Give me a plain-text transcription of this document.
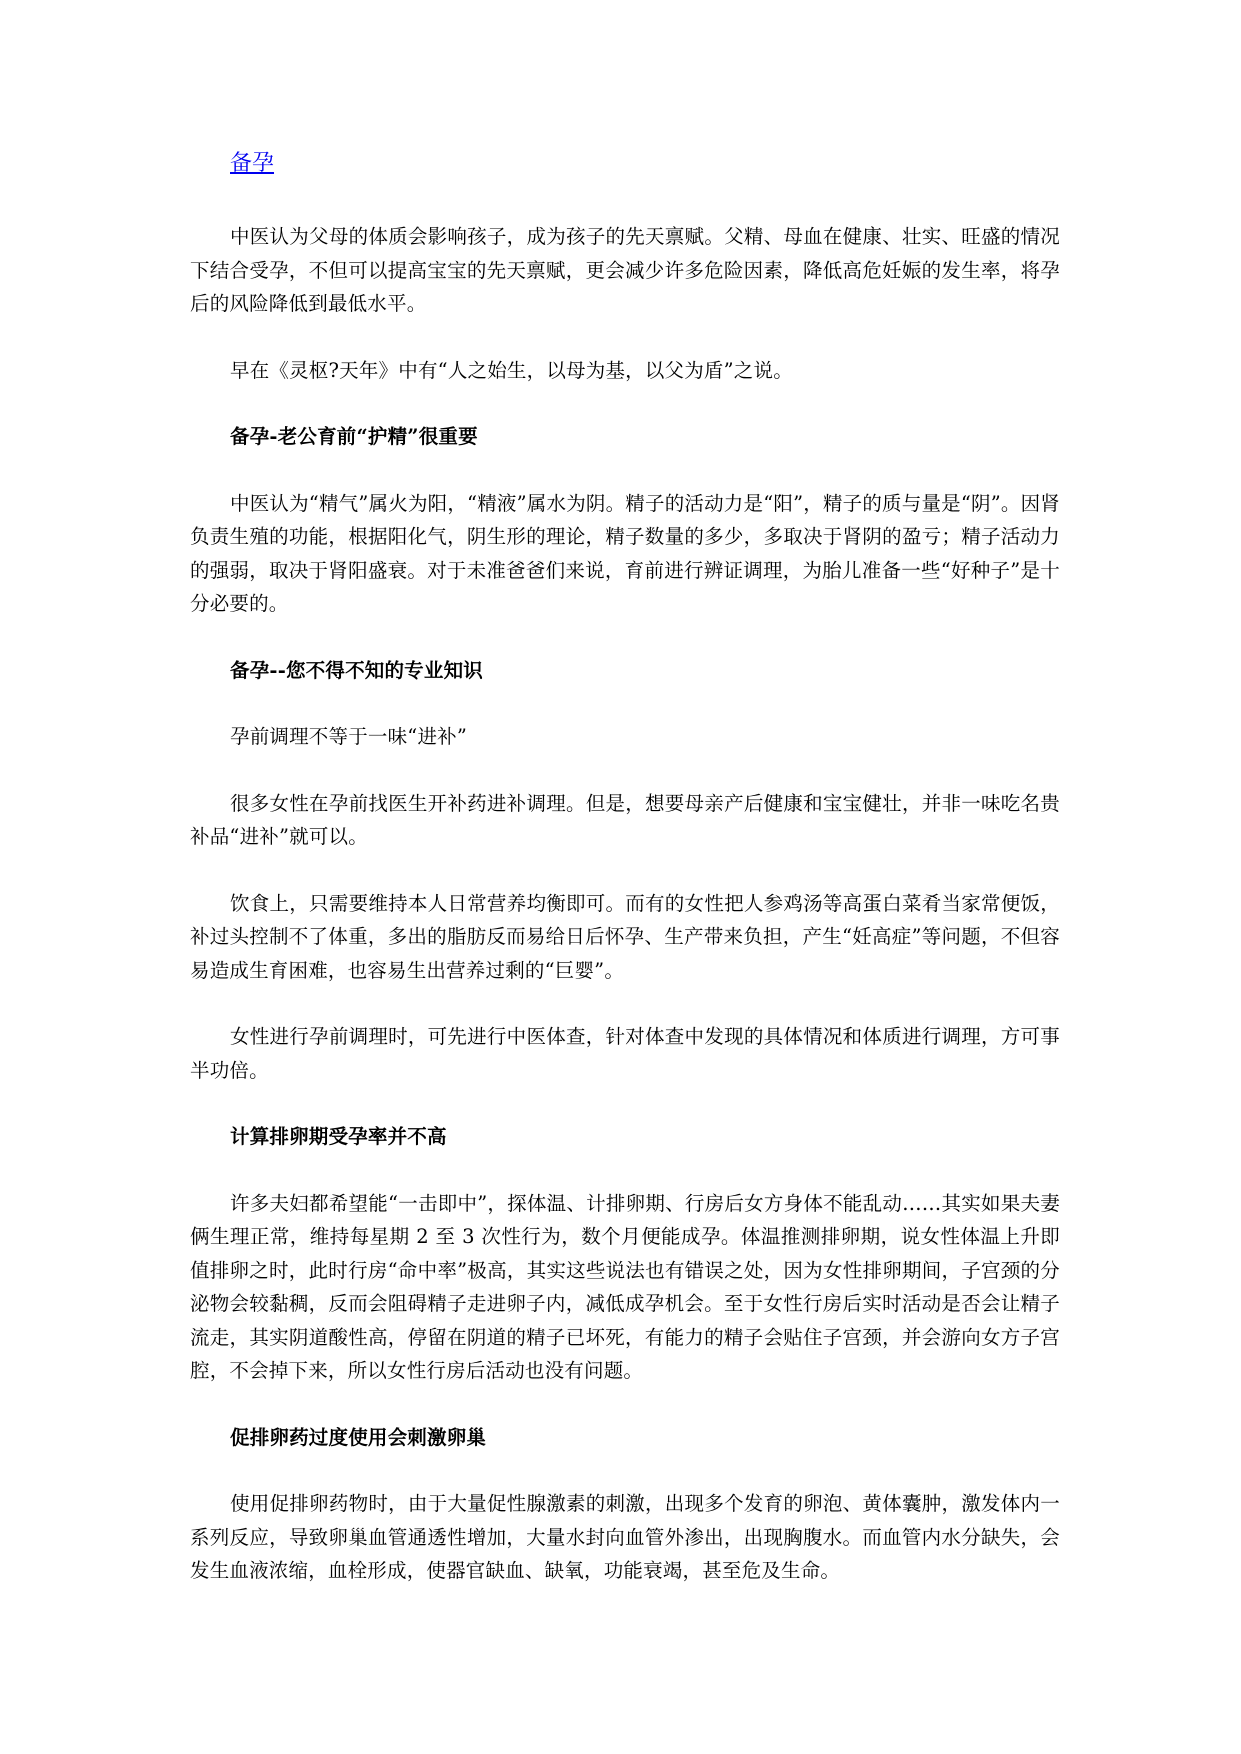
备孕

中医认为父母的体质会影响孩子，成为孩子的先天禀赋。父精、母血在健康、壮实、旺盛的情况下结合受孕，不但可以提高宝宝的先天禀赋，更会减少许多危险因素，降低高危妊娠的发生率，将孕后的风险降低到最低水平。

早在《灵枢?天年》中有“人之始生，以母为基，以父为盾”之说。

备孕-老公育前“护精”很重要

中医认为“精气”属火为阳，“精液”属水为阴。精子的活动力是“阳”，精子的质与量是“阴”。因肾负责生殖的功能，根据阳化气，阴生形的理论，精子数量的多少，多取决于肾阴的盈亏；精子活动力的强弱，取决于肾阳盛衰。对于未准爸爸们来说，育前进行辨证调理，为胎儿准备一些“好种子”是十分必要的。

备孕--您不得不知的专业知识

孕前调理不等于一味“进补”

很多女性在孕前找医生开补药进补调理。但是，想要母亲产后健康和宝宝健壮，并非一味吃名贵补品“进补”就可以。

饮食上，只需要维持本人日常营养均衡即可。而有的女性把人参鸡汤等高蛋白菜肴当家常便饭，补过头控制不了体重，多出的脂肪反而易给日后怀孕、生产带来负担，产生“妊高症”等问题，不但容易造成生育困难，也容易生出营养过剩的“巨婴”。

女性进行孕前调理时，可先进行中医体查，针对体查中发现的具体情况和体质进行调理，方可事半功倍。

计算排卵期受孕率并不高

许多夫妇都希望能“一击即中”，探体温、计排卵期、行房后女方身体不能乱动……其实如果夫妻俩生理正常，维持每星期 2 至 3 次性行为，数个月便能成孕。体温推测排卵期，说女性体温上升即值排卵之时，此时行房“命中率”极高，其实这些说法也有错误之处，因为女性排卵期间，子宫颈的分泌物会较黏稠，反而会阻碍精子走进卵子内，减低成孕机会。至于女性行房后实时活动是否会让精子流走，其实阴道酸性高，停留在阴道的精子已坏死，有能力的精子会贴住子宫颈，并会游向女方子宫腔，不会掉下来，所以女性行房后活动也没有问题。

促排卵药过度使用会刺激卵巢

使用促排卵药物时，由于大量促性腺激素的刺激，出现多个发育的卵泡、黄体囊肿，激发体内一系列反应，导致卵巢血管通透性增加，大量水封向血管外渗出，出现胸腹水。而血管内水分缺失，会发生血液浓缩，血栓形成，使器官缺血、缺氧，功能衰竭，甚至危及生命。
